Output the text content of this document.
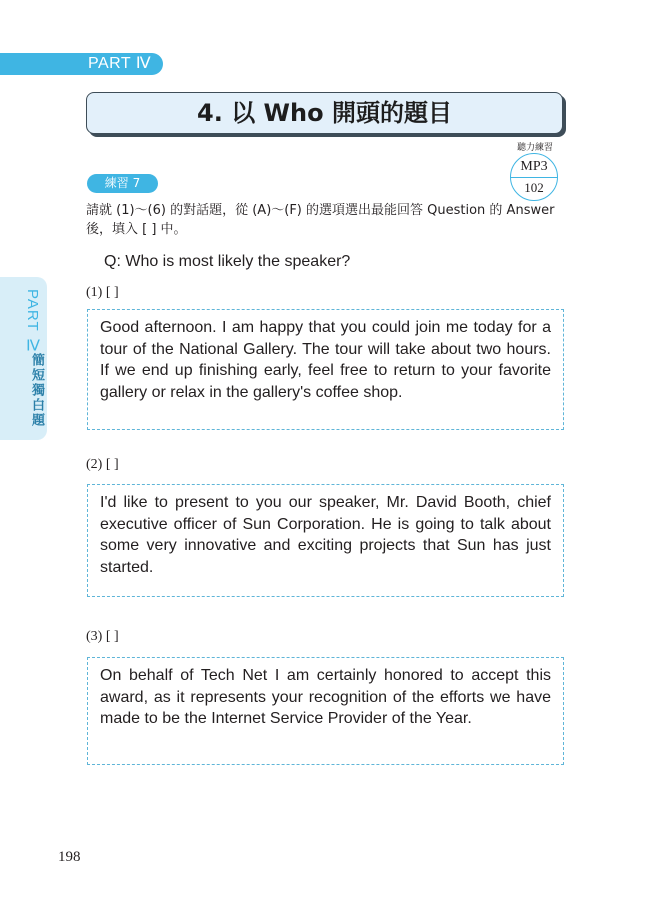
PART Ⅳ
4. 以 Who 開頭的題目
聽力練習
MP3
102
練習 7
請就 (1)～(6) 的對話題，從 (A)～(F) 的選項選出最能回答 Question 的 Answer 後，填入 [ ] 中。
Q: Who is most likely the speaker?
(1) [ ]
Good afternoon. I am happy that you could join me today for a tour of the National Gallery. The tour will take about two hours. If we end up finishing early, feel free to return to your favorite gallery or relax in the gallery's coffee shop.
(2) [ ]
I'd like to present to you our speaker, Mr. David Booth, chief executive officer of Sun Corporation. He is going to talk about some very innovative and exciting projects that Sun has just started.
(3) [ ]
On behalf of Tech Net I am certainly honored to accept this award, as it represents your recognition of the efforts we have made to be the Internet Service Provider of the Year.
PART Ⅳ
簡短獨白題
198
